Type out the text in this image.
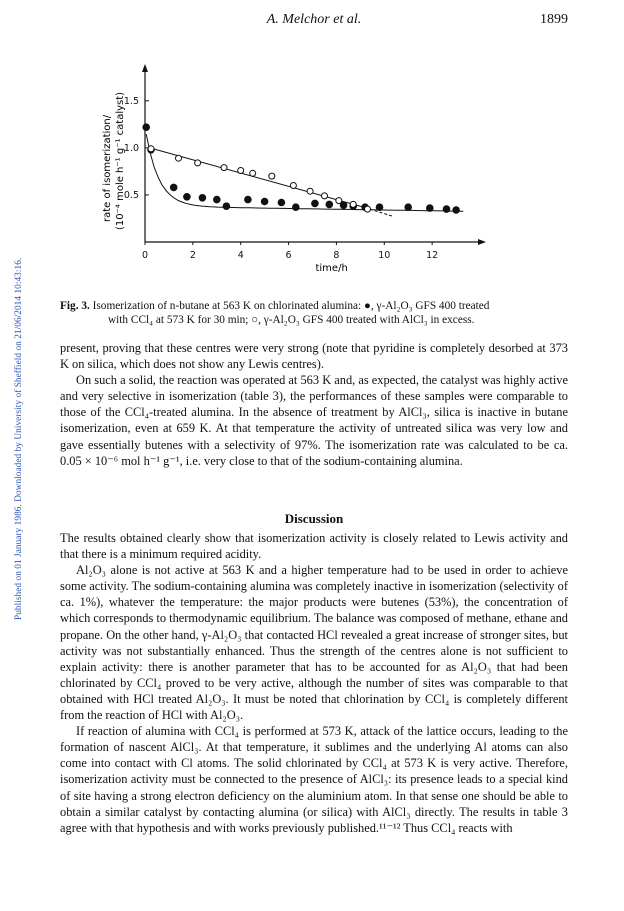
Published on 01 January 1986. Downloaded by University of Sheffield on 21/06/2014 10:43:16.
A. Melchor et al.	1899
0	2	4	6	8	10	12
0.5
1.0
1.5
rate of isomerization/ (10⁻⁴ mole h⁻¹ g⁻¹ catalyst)
time/h
Fig. 3. Isomerization of n-butane at 563 K on chlorinated alumina: ●, γ-Al₂O₃ GFS 400 treated
with CCl₄ at 573 K for 30 min; ○, γ-Al₂O₃ GFS 400 treated with AlCl₃ in excess.

present, proving that these centres were very strong (note that pyridine is completely desorbed at 373 K on silica, which does not show any Lewis centres).

On such a solid, the reaction was operated at 563 K and, as expected, the catalyst was highly active and very selective in isomerization (table 3), the performances of these samples were comparable to those of the CCl₄-treated alumina. In the absence of treatment by AlCl₃, silica is inactive in butane isomerization, even at 659 K. At that temperature the activity of untreated silica was very low and gave essentially butenes with a selectivity of 97%. The isomerization rate was calculated to be ca. 0.05 × 10⁻⁶ mol h⁻¹ g⁻¹, i.e. very close to that of the sodium-containing alumina.

Discussion

The results obtained clearly show that isomerization activity is closely related to Lewis activity and that there is a minimum required acidity.

Al₂O₃ alone is not active at 563 K and a higher temperature had to be used in order to achieve some activity. The sodium-containing alumina was completely inactive in isomerization (selectivity of ca. 1%), whatever the temperature: the major products were butenes (53%), the concentration of which corresponds to thermodynamic equilibrium. The balance was composed of methane, ethane and propane. On the other hand, γ-Al₂O₃ that contacted HCl revealed a great increase of stronger sites, but activity was not substantially enhanced. Thus the strength of the centres alone is not sufficient to explain activity: there is another parameter that has to be accounted for as Al₂O₃ that had been chlorinated by CCl₄ proved to be very active, although the number of sites was comparable to that obtained with HCl treated Al₂O₃. It must be noted that chlorination by CCl₄ is completely different from the reaction of HCl with Al₂O₃.

If reaction of alumina with CCl₄ is performed at 573 K, attack of the lattice occurs, leading to the formation of nascent AlCl₃. At that temperature, it sublimes and the underlying Al atoms can also come into contact with Cl atoms. The solid chlorinated by CCl₄ at 573 K is very active. Therefore, isomerization activity must be connected to the presence of AlCl₃: its presence leads to a special kind of site having a strong electron deficiency on the aluminium atom. In that sense one should be able to obtain a similar catalyst by contacting alumina (or silica) with AlCl₃ directly. The results in table 3 agree with that hypothesis and with works previously published.¹¹⁻¹² Thus CCl₄ reacts with
